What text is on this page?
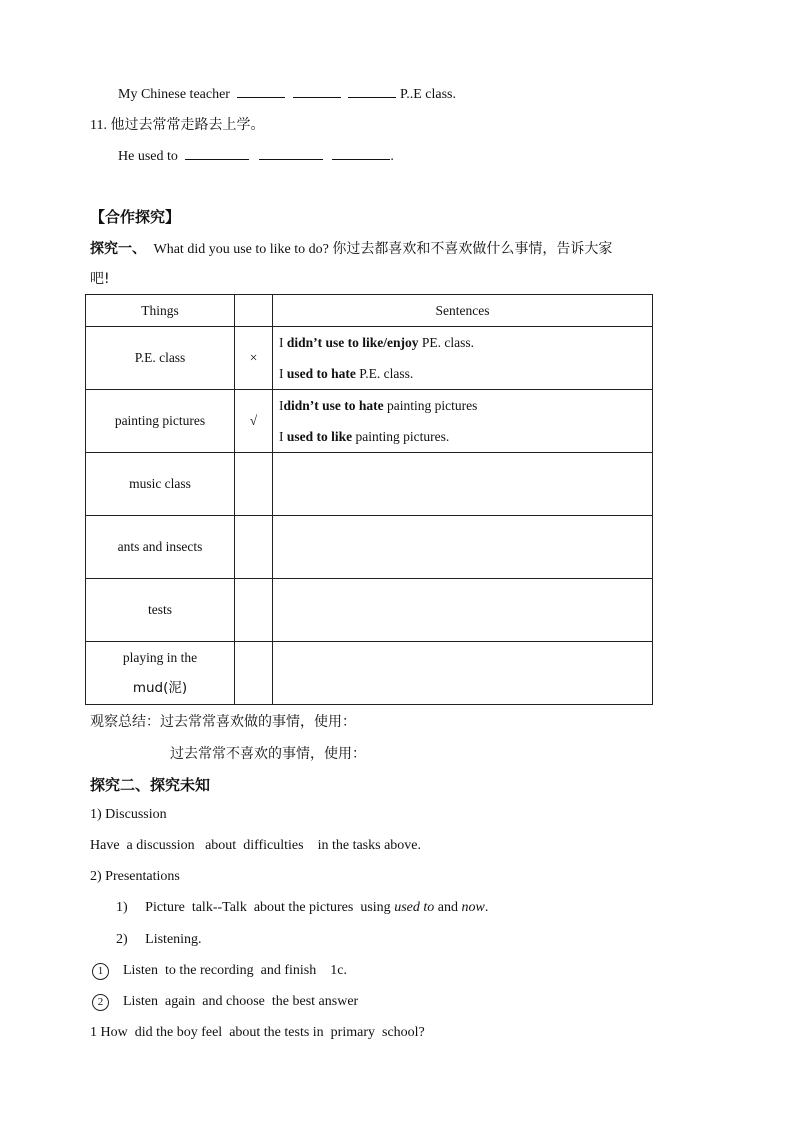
My Chinese teacher	P..E class.
11. 他过去常常走路去上学。
He used to	.
【合作探究】
探究一、 What did you use to like to do? 你过去都喜欢和不喜欢做什么事情，告诉大家
吧!
Things		Sentences
P.E. class	×	I didn’t use to like/enjoy PE. class.
I used to hate P.E. class.

painting pictures	√	Ididn’t use to hate painting pictures
I used to like painting pictures.

music class		
ants and insects		
tests		

playing in the
mud(泥)		

观察总结：过去常常喜欢做的事情，使用：
过去常常不喜欢的事情，使用：
探究二、探究未知
1) Discussion
Have  a discussion   about  difficulties    in the tasks above.
2) Presentations
1) Picture  talk--Talk  about the pictures  using used to and now.
2) Listening.
1 Listen  to the recording  and finish    1c.
2 Listen  again  and choose  the best answer
1 How  did the boy feel  about the tests in  primary  school?
